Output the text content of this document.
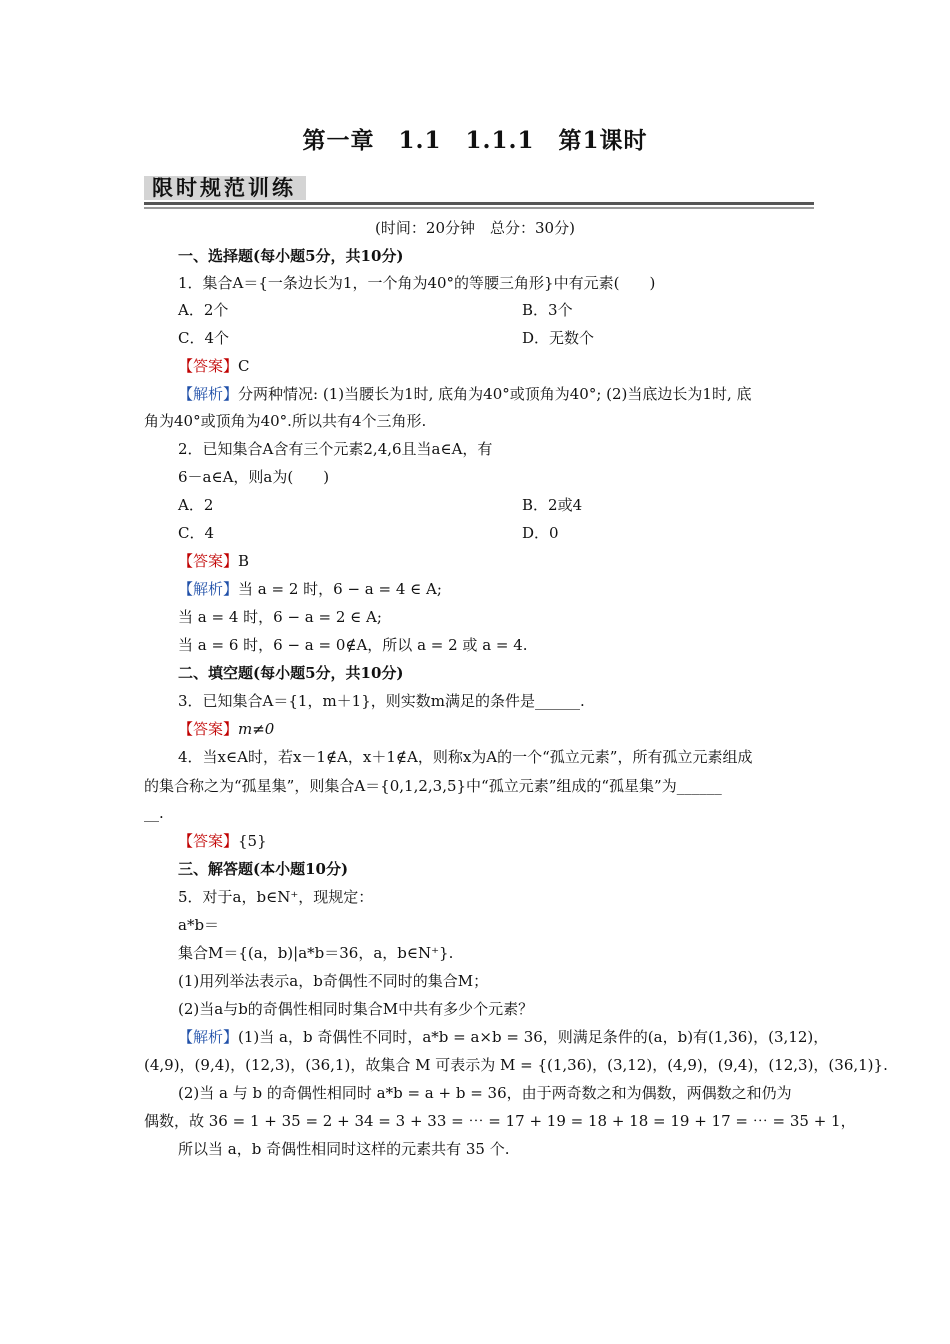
第一章　1.1　1.1.1　第1课时
限时规范训练
(时间：20分钟　总分：30分)
一、选择题(每小题5分，共10分)
1．集合A＝{一条边长为1，一个角为40°的等腰三角形}中有元素(　　)
A．2个	B．3个
C．4个	D．无数个
【答案】C
【解析】分两种情况: (1)当腰长为1时, 底角为40°或顶角为40°; (2)当底边长为1时, 底
角为40°或顶角为40°.所以共有4个三角形.
2．已知集合A含有三个元素2,4,6且当a∈A，有
6－a∈A，则a为(　　)
A．2	B．2或4
C．4	D．0
【答案】B
【解析】当 a = 2 时，6 − a = 4 ∈ A;
当 a = 4 时，6 − a = 2 ∈ A;
当 a = 6 时，6 − a = 0∉A，所以 a = 2 或 a = 4.
二、填空题(每小题5分，共10分)
3．已知集合A＝{1，m＋1}，则实数m满足的条件是______.
【答案】m≠0
4．当x∈A时，若x－1∉A，x＋1∉A，则称x为A的一个“孤立元素”，所有孤立元素组成
的集合称之为“孤星集”，则集合A＝{0,1,2,3,5}中“孤立元素”组成的“孤星集”为______
__.
【答案】{5}
三、解答题(本小题10分)
5．对于a，b∈N⁺，现规定：
a*b＝
集合M＝{(a，b)|a*b＝36，a，b∈N⁺}.
(1)用列举法表示a，b奇偶性不同时的集合M；
(2)当a与b的奇偶性相同时集合M中共有多少个元素？
【解析】(1)当 a，b 奇偶性不同时，a*b = a×b = 36，则满足条件的(a，b)有(1,36)，(3,12)，
(4,9)，(9,4)，(12,3)，(36,1)，故集合 M 可表示为 M = {(1,36)，(3,12)，(4,9)，(9,4)，(12,3)，(36,1)}.
(2)当 a 与 b 的奇偶性相同时 a*b = a + b = 36，由于两奇数之和为偶数，两偶数之和仍为
偶数，故 36 = 1 + 35 = 2 + 34 = 3 + 33 = ⋯ = 17 + 19 = 18 + 18 = 19 + 17 = ⋯ = 35 + 1，
所以当 a，b 奇偶性相同时这样的元素共有 35 个.
